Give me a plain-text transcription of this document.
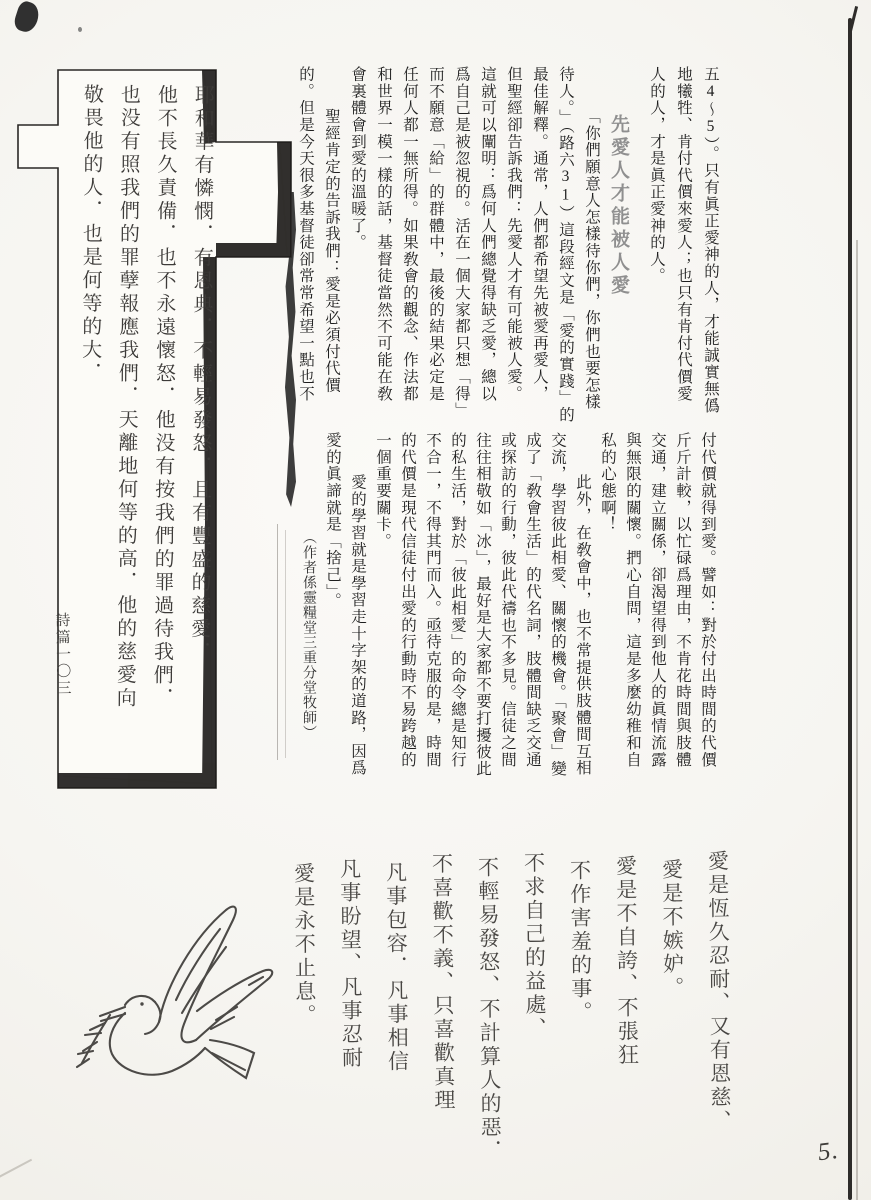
耶和華有憐憫．有恩典．不輕易發怒．且有豐盛的慈愛．
他不長久責備．也不永遠懷怒．他没有按我們的罪過待我們．
也没有照我們的罪孽報應我們．天離地何等的高．他的慈愛向
敬畏他的人．也是何等的大．
詩篇一〇三
五4～5）。只有眞正愛神的人，才能誠實無僞
地犧牲、肯付代價來愛人；也只有肯付代價愛
人的人，才是眞正愛神的人。
先愛人才能被人愛
「你們願意人怎樣待你們，你們也要怎樣
待人。」（路六31）這段經文是「愛的實踐」的
最佳解釋。通常，人們都希望先被愛再愛人，
但聖經卻告訴我們：先愛人才有可能被人愛。
這就可以闡明：爲何人們總覺得缺乏愛，總以
爲自己是被忽視的。活在一個大家都只想「得」
而不願意「給」的群體中，最後的結果必定是
任何人都一無所得。如果敎會的觀念、作法都
和世界一模一樣的話，基督徒當然不可能在敎
會裏體會到愛的溫暖了。
聖經肯定的告訴我們：愛是必須付代價
的。但是今天很多基督徒卻常常希望一點也不
付代價就得到愛。譬如：對於付出時間的代價
斤斤計較，以忙碌爲理由，不肯花時間與肢體
交通，建立關係，卻渴望得到他人的眞情流露
與無限的關懷。捫心自問，這是多麼幼稚和自
私的心態啊！
此外，在敎會中，也不常提供肢體間互相
交流，學習彼此相愛、關懷的機會。「聚會」變
成了「敎會生活」的代名詞，肢體間缺乏交通
或探訪的行動，彼此代禱也不多見。信徒之間
往往相敬如「冰」，最好是大家都不要打擾彼此
的私生活，對於「彼此相愛」的命令總是知行
不合一，不得其門而入。亟待克服的是，時間
的代價是現代信徒付出愛的行動時不易跨越的
一個重要關卡。
愛的學習就是學習走十字架的道路，因爲
愛的眞諦就是「捨己」。
（作者係靈糧堂三重分堂牧師）
愛是恆久忍耐、又有恩慈、
愛是不嫉妒。
愛是不自誇、不張狂
不作害羞的事。
不求自己的益處、
不輕易發怒、不計算人的惡．
不喜歡不義、只喜歡真理
凡事包容．凡事相信
凡事盼望、凡事忍耐
愛是永不止息。
5.
